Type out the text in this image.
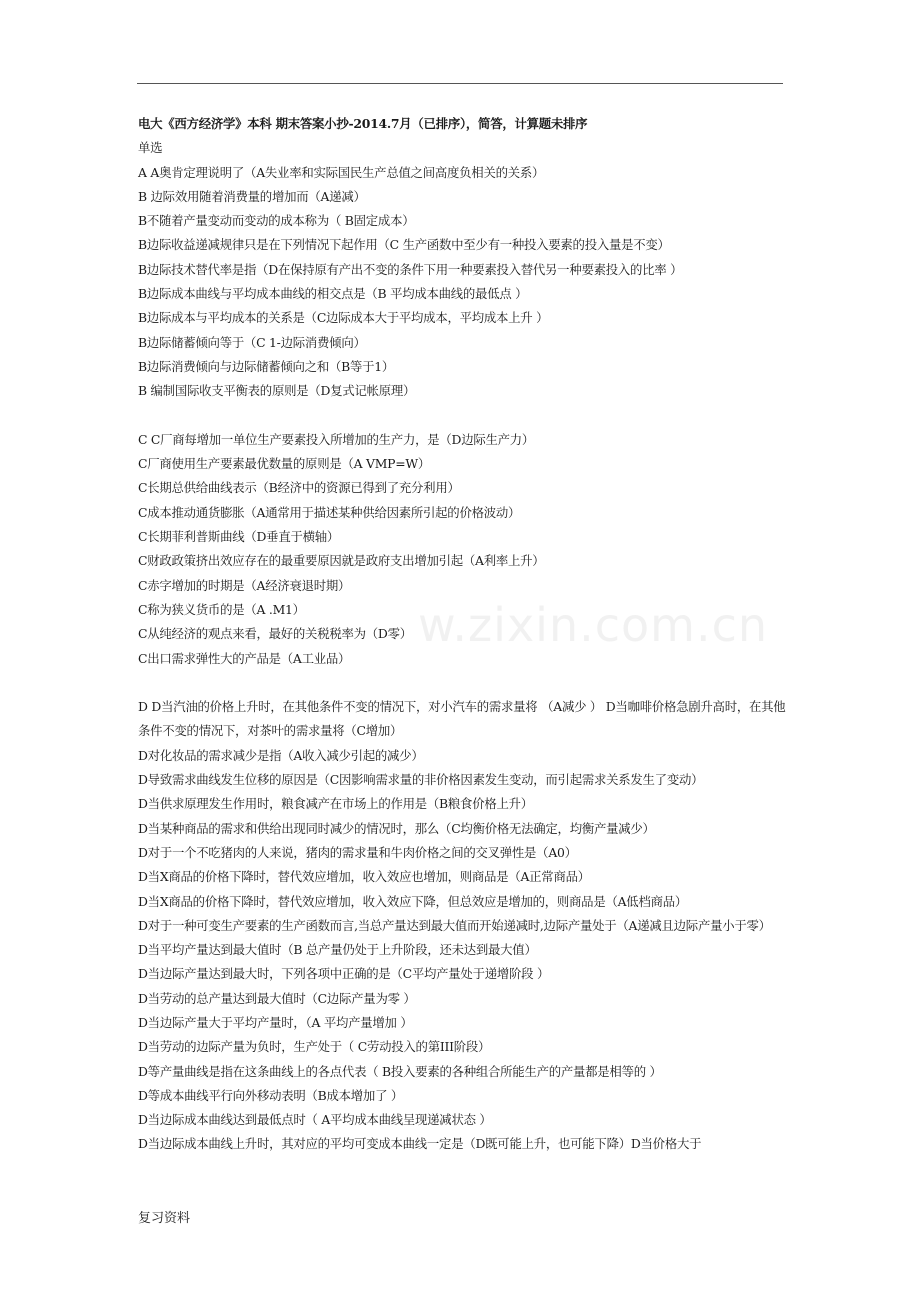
电大《西方经济学》本科 期末答案小抄-2014.7月（已排序），简答，计算题未排序
单选
A A奥肯定理说明了（A失业率和实际国民生产总值之间高度负相关的关系）
B 边际效用随着消费量的增加而（A递减）
B不随着产量变动而变动的成本称为（ B固定成本）
B边际收益递减规律只是在下列情况下起作用（C 生产函数中至少有一种投入要素的投入量是不变）
B边际技术替代率是指（D在保持原有产出不变的条件下用一种要素投入替代另一种要素投入的比率 ）
B边际成本曲线与平均成本曲线的相交点是（B 平均成本曲线的最低点 ）
B边际成本与平均成本的关系是（C边际成本大于平均成本，平均成本上升 ）
B边际储蓄倾向等于（C 1-边际消费倾向）
B边际消费倾向与边际储蓄倾向之和（B等于1）
B 编制国际收支平衡表的原则是（D复式记帐原理）
C C厂商每增加一单位生产要素投入所增加的生产力，是（D边际生产力）
C厂商使用生产要素最优数量的原则是（A VMP=W）
C长期总供给曲线表示（B经济中的资源已得到了充分利用）
C成本推动通货膨胀（A通常用于描述某种供给因素所引起的价格波动）
C长期菲利普斯曲线（D垂直于横轴）
C财政政策挤出效应存在的最重要原因就是政府支出增加引起（A利率上升）
C赤字增加的时期是（A经济衰退时期）
C称为狭义货币的是（A .M1）
C从纯经济的观点来看，最好的关税税率为（D零）
C出口需求弹性大的产品是（A工业品）
D D当汽油的价格上升时，在其他条件不变的情况下，对小汽车的需求量将 （A减少 ） D当咖啡价格急剧升高时，在其他条件不变的情况下，对茶叶的需求量将（C增加）
D对化妆品的需求减少是指（A收入减少引起的减少）
D导致需求曲线发生位移的原因是（C因影响需求量的非价格因素发生变动，而引起需求关系发生了变动）
D当供求原理发生作用时，粮食减产在市场上的作用是（B粮食价格上升）
D当某种商品的需求和供给出现同时减少的情况时，那么（C均衡价格无法确定，均衡产量减少）
D对于一个不吃猪肉的人来说，猪肉的需求量和牛肉价格之间的交叉弹性是（A0）
D当X商品的价格下降时，替代效应增加，收入效应也增加，则商品是（A正常商品）
D当X商品的价格下降时，替代效应增加，收入效应下降，但总效应是增加的，则商品是（A低档商品）
D对于一种可变生产要素的生产函数而言,当总产量达到最大值而开始递减时,边际产量处于（A递减且边际产量小于零）
D当平均产量达到最大值时（B 总产量仍处于上升阶段，还未达到最大值）
D当边际产量达到最大时，下列各项中正确的是（C平均产量处于递增阶段 ）
D当劳动的总产量达到最大值时（C边际产量为零 ）
D当边际产量大于平均产量时，（A 平均产量增加 ）
D当劳动的边际产量为负时，生产处于（ C劳动投入的第III阶段）
D等产量曲线是指在这条曲线上的各点代表（ B投入要素的各种组合所能生产的产量都是相等的 ）
D等成本曲线平行向外移动表明（B成本增加了 ）
D当边际成本曲线达到最低点时（ A平均成本曲线呈现递减状态 ）
D当边际成本曲线上升时，其对应的平均可变成本曲线一定是（D既可能上升，也可能下降）D当价格大于
w.zixin.com.cn
复习资料
